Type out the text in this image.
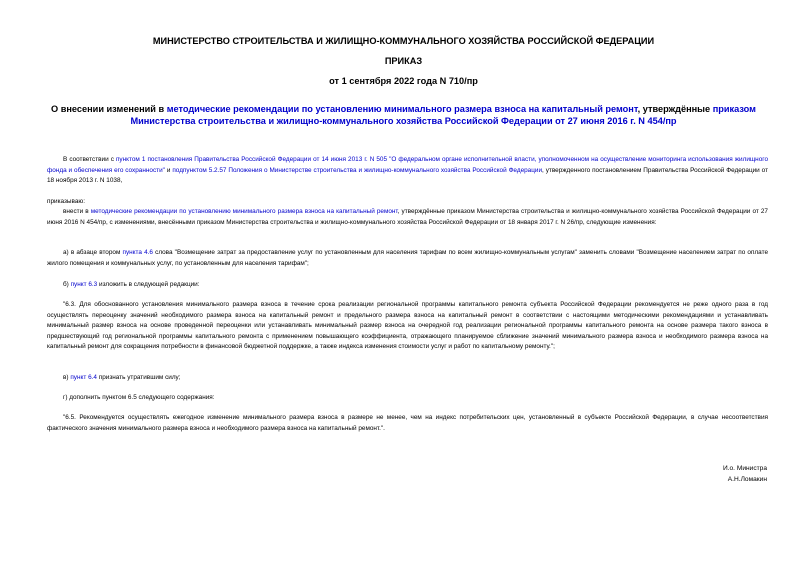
МИНИСТЕРСТВО СТРОИТЕЛЬСТВА И ЖИЛИЩНО-КОММУНАЛЬНОГО ХОЗЯЙСТВА РОССИЙСКОЙ ФЕДЕРАЦИИ
ПРИКАЗ
от 1 сентября 2022 года N 710/пр
О внесении изменений в методические рекомендации по установлению минимального размера взноса на капитальный ремонт, утверждённые приказом Министерства строительства и жилищно-коммунального хозяйства Российской Федерации от 27 июня 2016 г. N 454/пр
В соответствии с пунктом 1 постановления Правительства Российской Федерации от 14 июня 2013 г. N 505 "О федеральном органе исполнительной власти, уполномоченном на осуществление мониторинга использования жилищного фонда и обеспечения его сохранности" и подпунктом 5.2.57 Положения о Министерстве строительства и жилищно-коммунального хозяйства Российской Федерации, утвержденного постановлением Правительства Российской Федерации от 18 ноября 2013 г. N 1038,
приказываю:
внести в методические рекомендации по установлению минимального размера взноса на капитальный ремонт, утверждённые приказом Министерства строительства и жилищно-коммунального хозяйства Российской Федерации от 27 июня 2016 N 454/пр, с изменениями, внесёнными приказом Министерства строительства и жилищно-коммунального хозяйства Российской Федерации от 18 января 2017 г. N 26/пр, следующие изменения:
а) в абзаце втором пункта 4.6 слова "Возмещение затрат за предоставление услуг по установленным для населения тарифам по всем жилищно-коммунальным услугам" заменить словами "Возмещение населением затрат по оплате жилого помещения и коммунальных услуг, по установленным для населения тарифам";
б) пункт 6.3 изложить в следующей редакции:
"6.3. Для обоснованного установления минимального размера взноса в течение срока реализации региональной программы капитального ремонта субъекта Российской Федерации рекомендуется не реже одного раза в год осуществлять переоценку значений необходимого размера взноса на капитальный ремонт и предельного размера взноса на капитальный ремонт в соответствии с настоящими методическими рекомендациями и устанавливать минимальный размер взноса на основе проведенной переоценки или устанавливать минимальный размер взноса на очередной год реализации региональной программы капитального ремонта на основе размера такого взноса в предшествующий год региональной программы капитального ремонта с применением повышающего коэффициента, отражающего планируемое сближение значений минимального размера взноса и необходимого размера взноса на капитальный ремонт для сокращения потребности в финансовой бюджетной поддержке, а также индекса изменения стоимости услуг и работ по капитальному ремонту.";
в) пункт 6.4 признать утратившим силу;
г) дополнить пунктом 6.5 следующего содержания:
"6.5. Рекомендуется осуществлять ежегодное изменение минимального размера взноса в размере не менее, чем на индекс потребительских цен, установленный в субъекте Российской Федерации, в случае несоответствия фактического значения минимального размера взноса и необходимого размера взноса на капитальный ремонт.".
И.о. Министра
А.Н.Ломакин
